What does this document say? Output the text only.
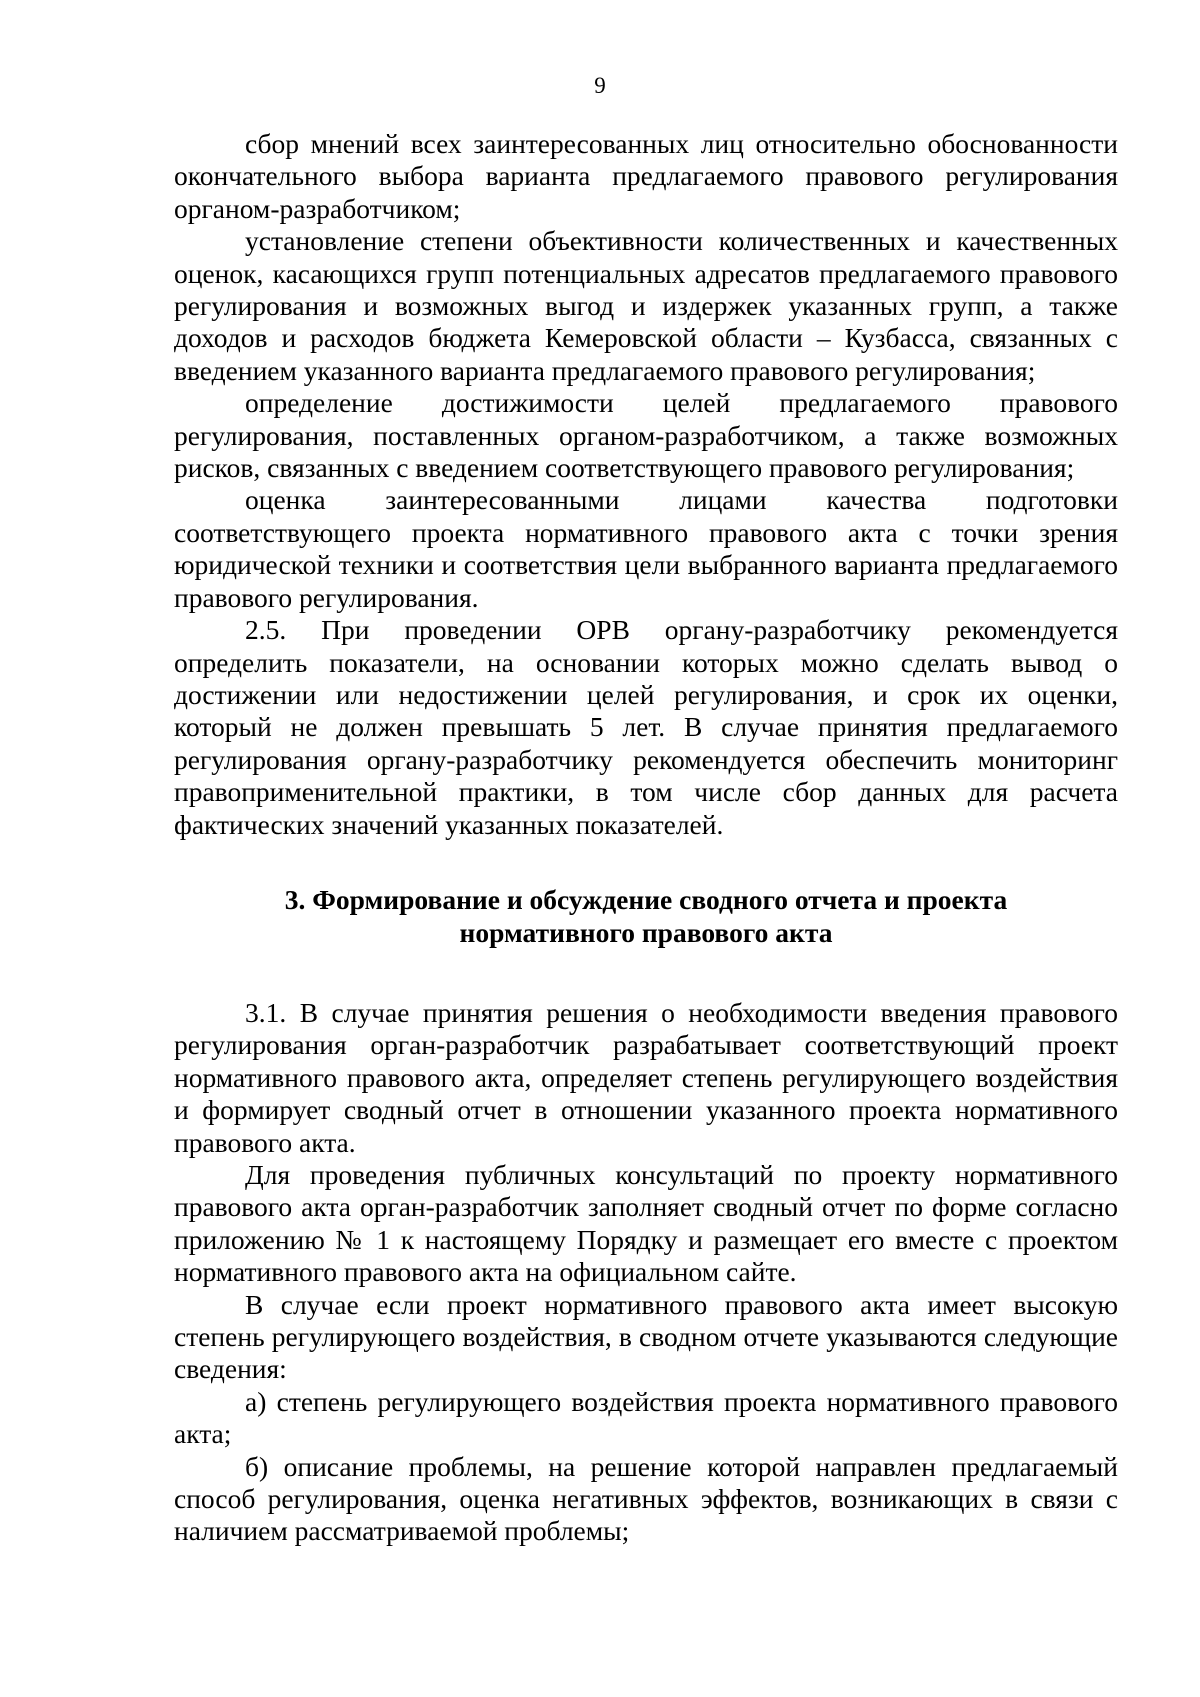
9

сбор мнений всех заинтересованных лиц относительно обоснованности окончательного выбора варианта предлагаемого правового регулирования органом-разработчиком;

установление степени объективности количественных и качественных оценок, касающихся групп потенциальных адресатов предлагаемого правового регулирования и возможных выгод и издержек указанных групп, а также доходов и расходов бюджета Кемеровской области – Кузбасса, связанных с введением указанного варианта предлагаемого правового регулирования;

определение достижимости целей предлагаемого правового регулирования, поставленных органом-разработчиком, а также возможных рисков, связанных с введением соответствующего правового регулирования;

оценка заинтересованными лицами качества подготовки соответствующего проекта нормативного правового акта с точки зрения юридической техники и соответствия цели выбранного варианта предлагаемого правового регулирования.

2.5. При проведении ОРВ органу-разработчику рекомендуется определить показатели, на основании которых можно сделать вывод о достижении или недостижении целей регулирования, и срок их оценки, который не должен превышать 5 лет. В случае принятия предлагаемого регулирования органу-разработчику рекомендуется обеспечить мониторинг правоприменительной практики, в том числе сбор данных для расчета фактических значений указанных показателей.

3. Формирование и обсуждение сводного отчета и проекта
нормативного правового акта

3.1. В случае принятия решения о необходимости введения правового регулирования орган-разработчик разрабатывает соответствующий проект нормативного правового акта, определяет степень регулирующего воздействия и формирует сводный отчет в отношении указанного проекта нормативного правового акта.

Для проведения публичных консультаций по проекту нормативного правового акта орган-разработчик заполняет сводный отчет по форме согласно приложению № 1 к настоящему Порядку и размещает его вместе с проектом нормативного правового акта на официальном сайте.

В случае если проект нормативного правового акта имеет высокую степень регулирующего воздействия, в сводном отчете указываются следующие сведения:

а) степень регулирующего воздействия проекта нормативного правового акта;

б) описание проблемы, на решение которой направлен предлагаемый способ регулирования, оценка негативных эффектов, возникающих в связи с наличием рассматриваемой проблемы;
